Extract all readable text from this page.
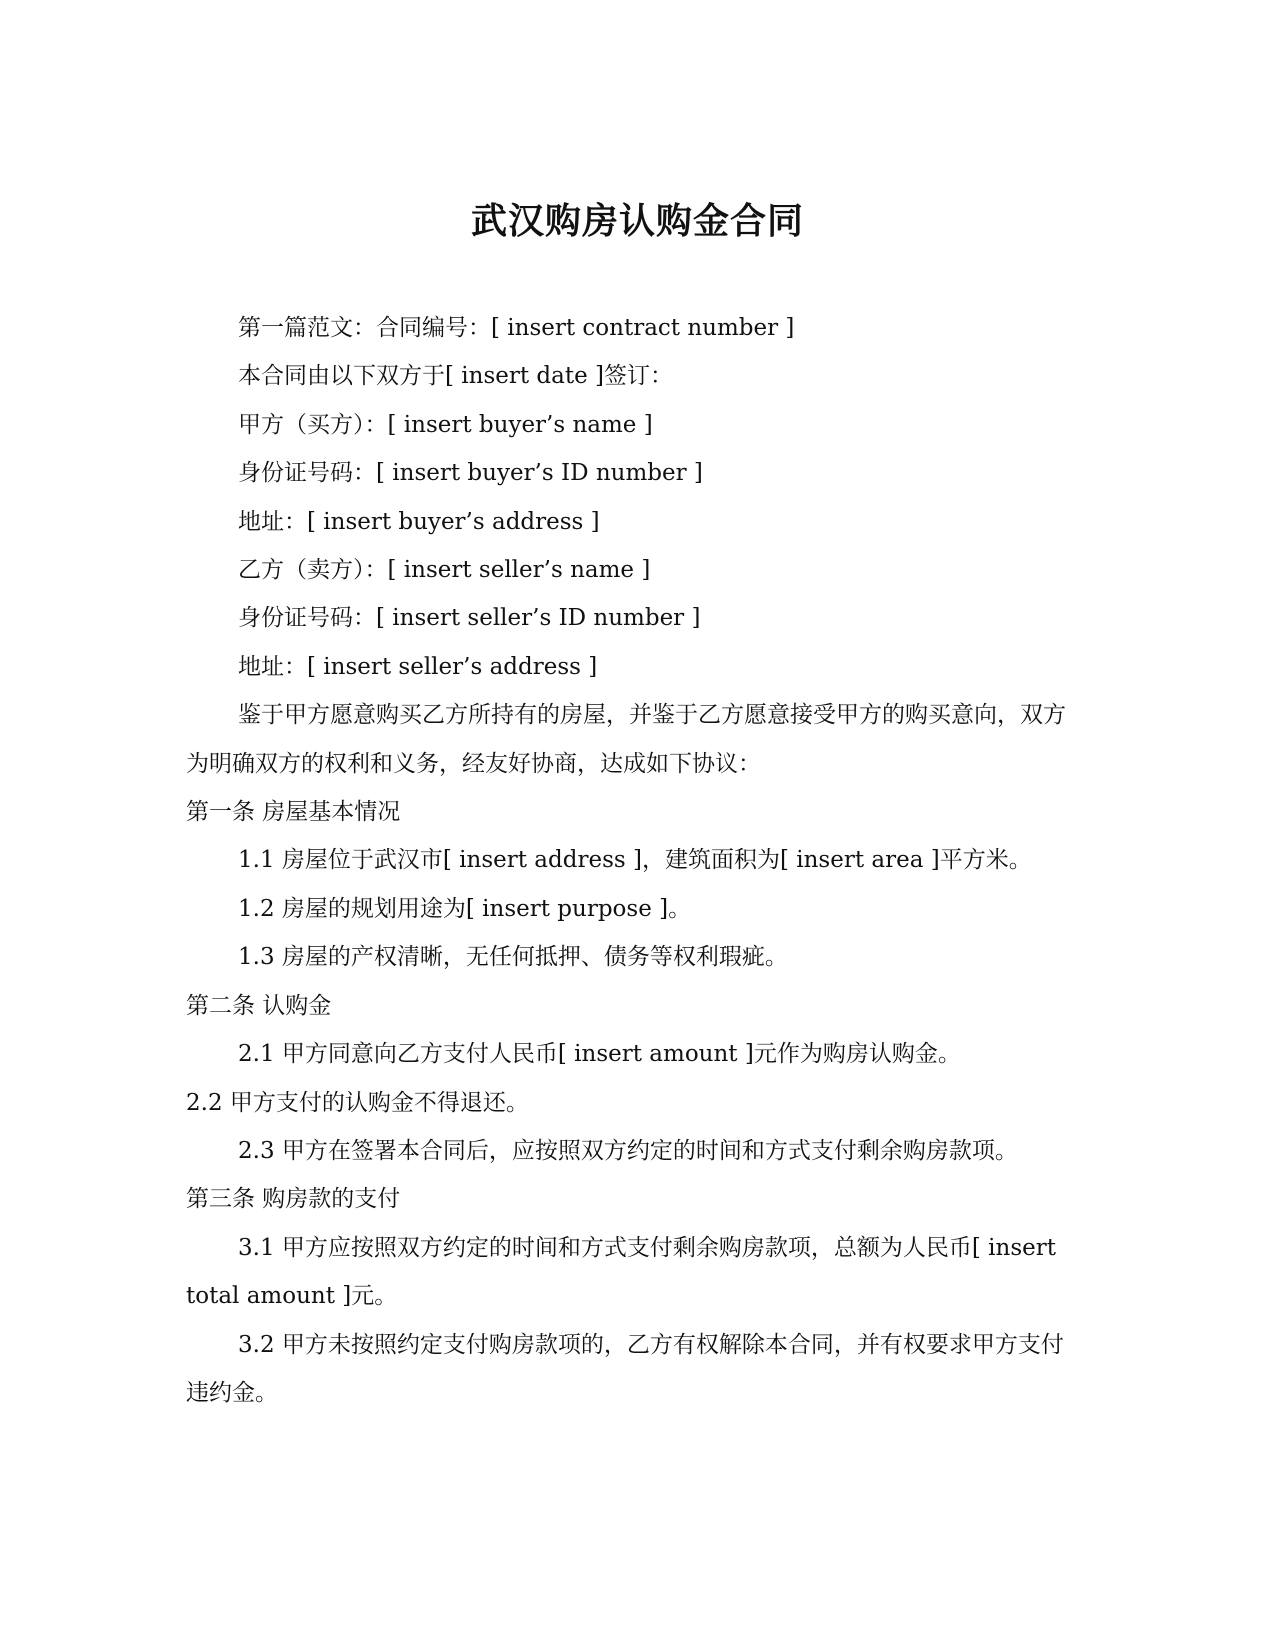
武汉购房认购金合同

第一篇范文：合同编号：[ insert contract number ]

本合同由以下双方于[ insert date ]签订：

甲方（买方）：[ insert buyer’s name ]

身份证号码：[ insert buyer’s ID number ]

地址：[ insert buyer’s address ]

乙方（卖方）：[ insert seller’s name ]

身份证号码：[ insert seller’s ID number ]

地址：[ insert seller’s address ]

鉴于甲方愿意购买乙方所持有的房屋，并鉴于乙方愿意接受甲方的购买意向，双方为明确双方的权利和义务，经友好协商，达成如下协议：

第一条 房屋基本情况

1.1 房屋位于武汉市[ insert address ]，建筑面积为[ insert area ]平方米。

1.2 房屋的规划用途为[ insert purpose ]。

1.3 房屋的产权清晰，无任何抵押、债务等权利瑕疵。

第二条 认购金

2.1 甲方同意向乙方支付人民币[ insert amount ]元作为购房认购金。

2.2 甲方支付的认购金不得退还。

2.3 甲方在签署本合同后，应按照双方约定的时间和方式支付剩余购房款项。

第三条 购房款的支付

3.1 甲方应按照双方约定的时间和方式支付剩余购房款项，总额为人民币[ insert total amount ]元。

3.2 甲方未按照约定支付购房款项的，乙方有权解除本合同，并有权要求甲方支付违约金。
